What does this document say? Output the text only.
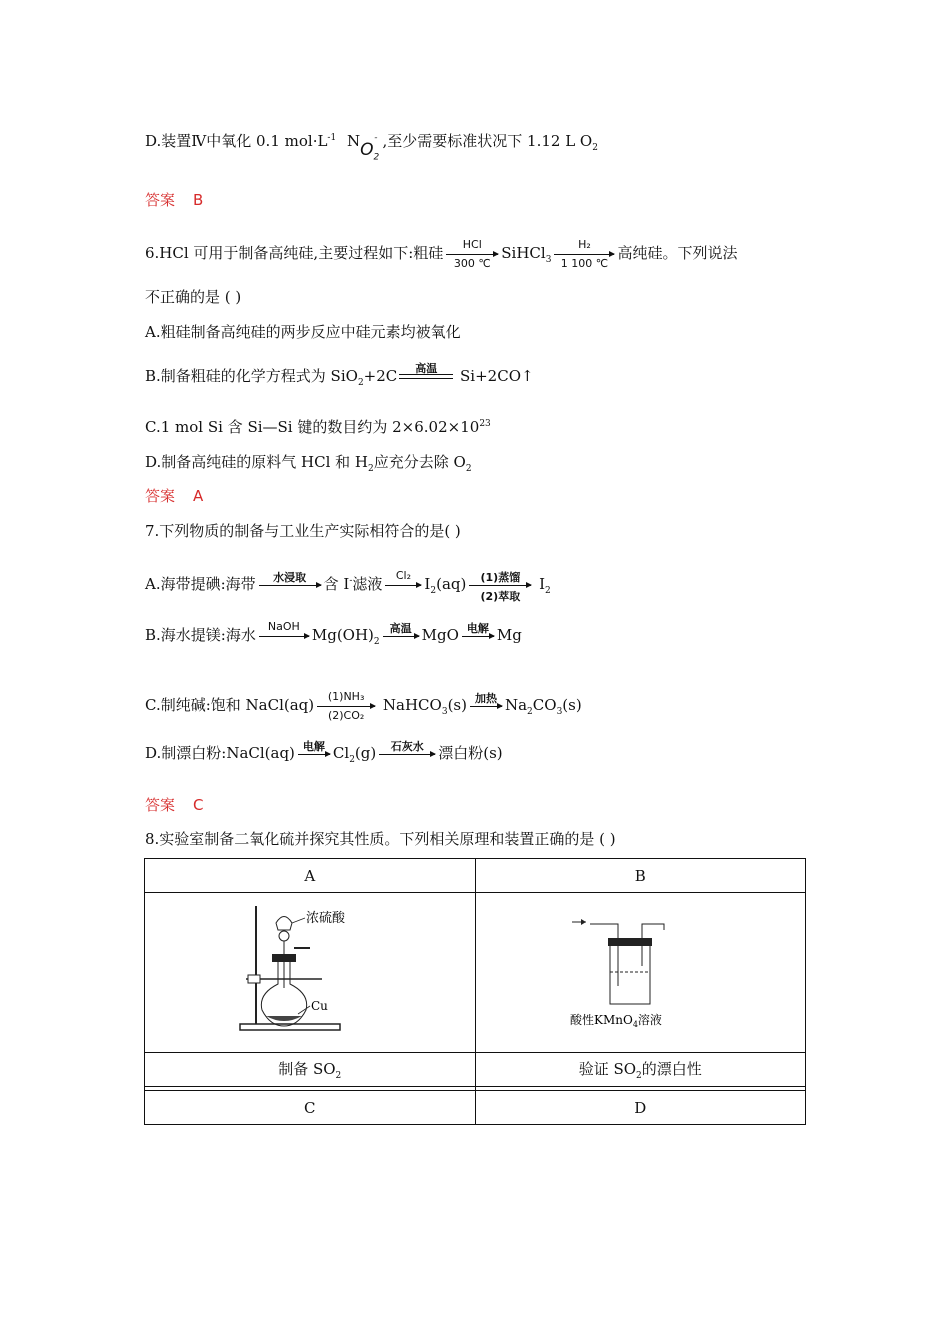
D.装置Ⅳ中氧化 0.1 $mol\cdot L^{-1}$ $NO_2^-$ ,至少需要标准状况下 1.12 L $O_2$
答案 B
6.HCl 可用于制备高纯硅,主要过程如下:粗硅	HCl
300 ℃
SiHCl$_3$
$\frac{\text{H₂}}{1 100 ℃}$ 高纯硅。下列说法
不正确的是 ( )
A.粗硅制备高纯硅的两步反应中硅元素均被氧化
B.制备粗硅的化学方程式为 SiO$_2$+2C	高温	Si+2CO↑
C.1 mol Si 含 Si—Si 键的数目约为 $2\times 6.02\times 10^{23}$
D.制备高纯硅的原料气 HCl 和 $H_2$应充分去除 $O_2$
答案 A
7.下列物质的制备与工业生产实际相符合的是( )
A.海带提碘:海带	水浸取	含 I-滤液	Cl₂ $I_2(aq)$	(1)蒸馏
(2)萃取
$I_2$
B.海水提镁:海水	NaOH $Mg(OH)_2$
高温 MgO 电解 Mg
C.制纯碱:饱和 NaCl(aq) $\frac{\text{(1)NH₃}}{\text{(2)CO₂}}$ NaHCO$_3$(s) 加热 $Na_2CO_3(s)$
D.制漂白粉:NaCl(aq) 电解 $Cl_2(g)$	石灰水 漂白粉(s)
答案 C
8.实验室制备二氧化硫并探究其性质。下列相关原理和装置正确的是 ( )
A	B

浓硫酸
Cu	酸性KMnO$_4$溶液

制备 $SO_2$	验证 $SO_2$的漂白性

C	D
